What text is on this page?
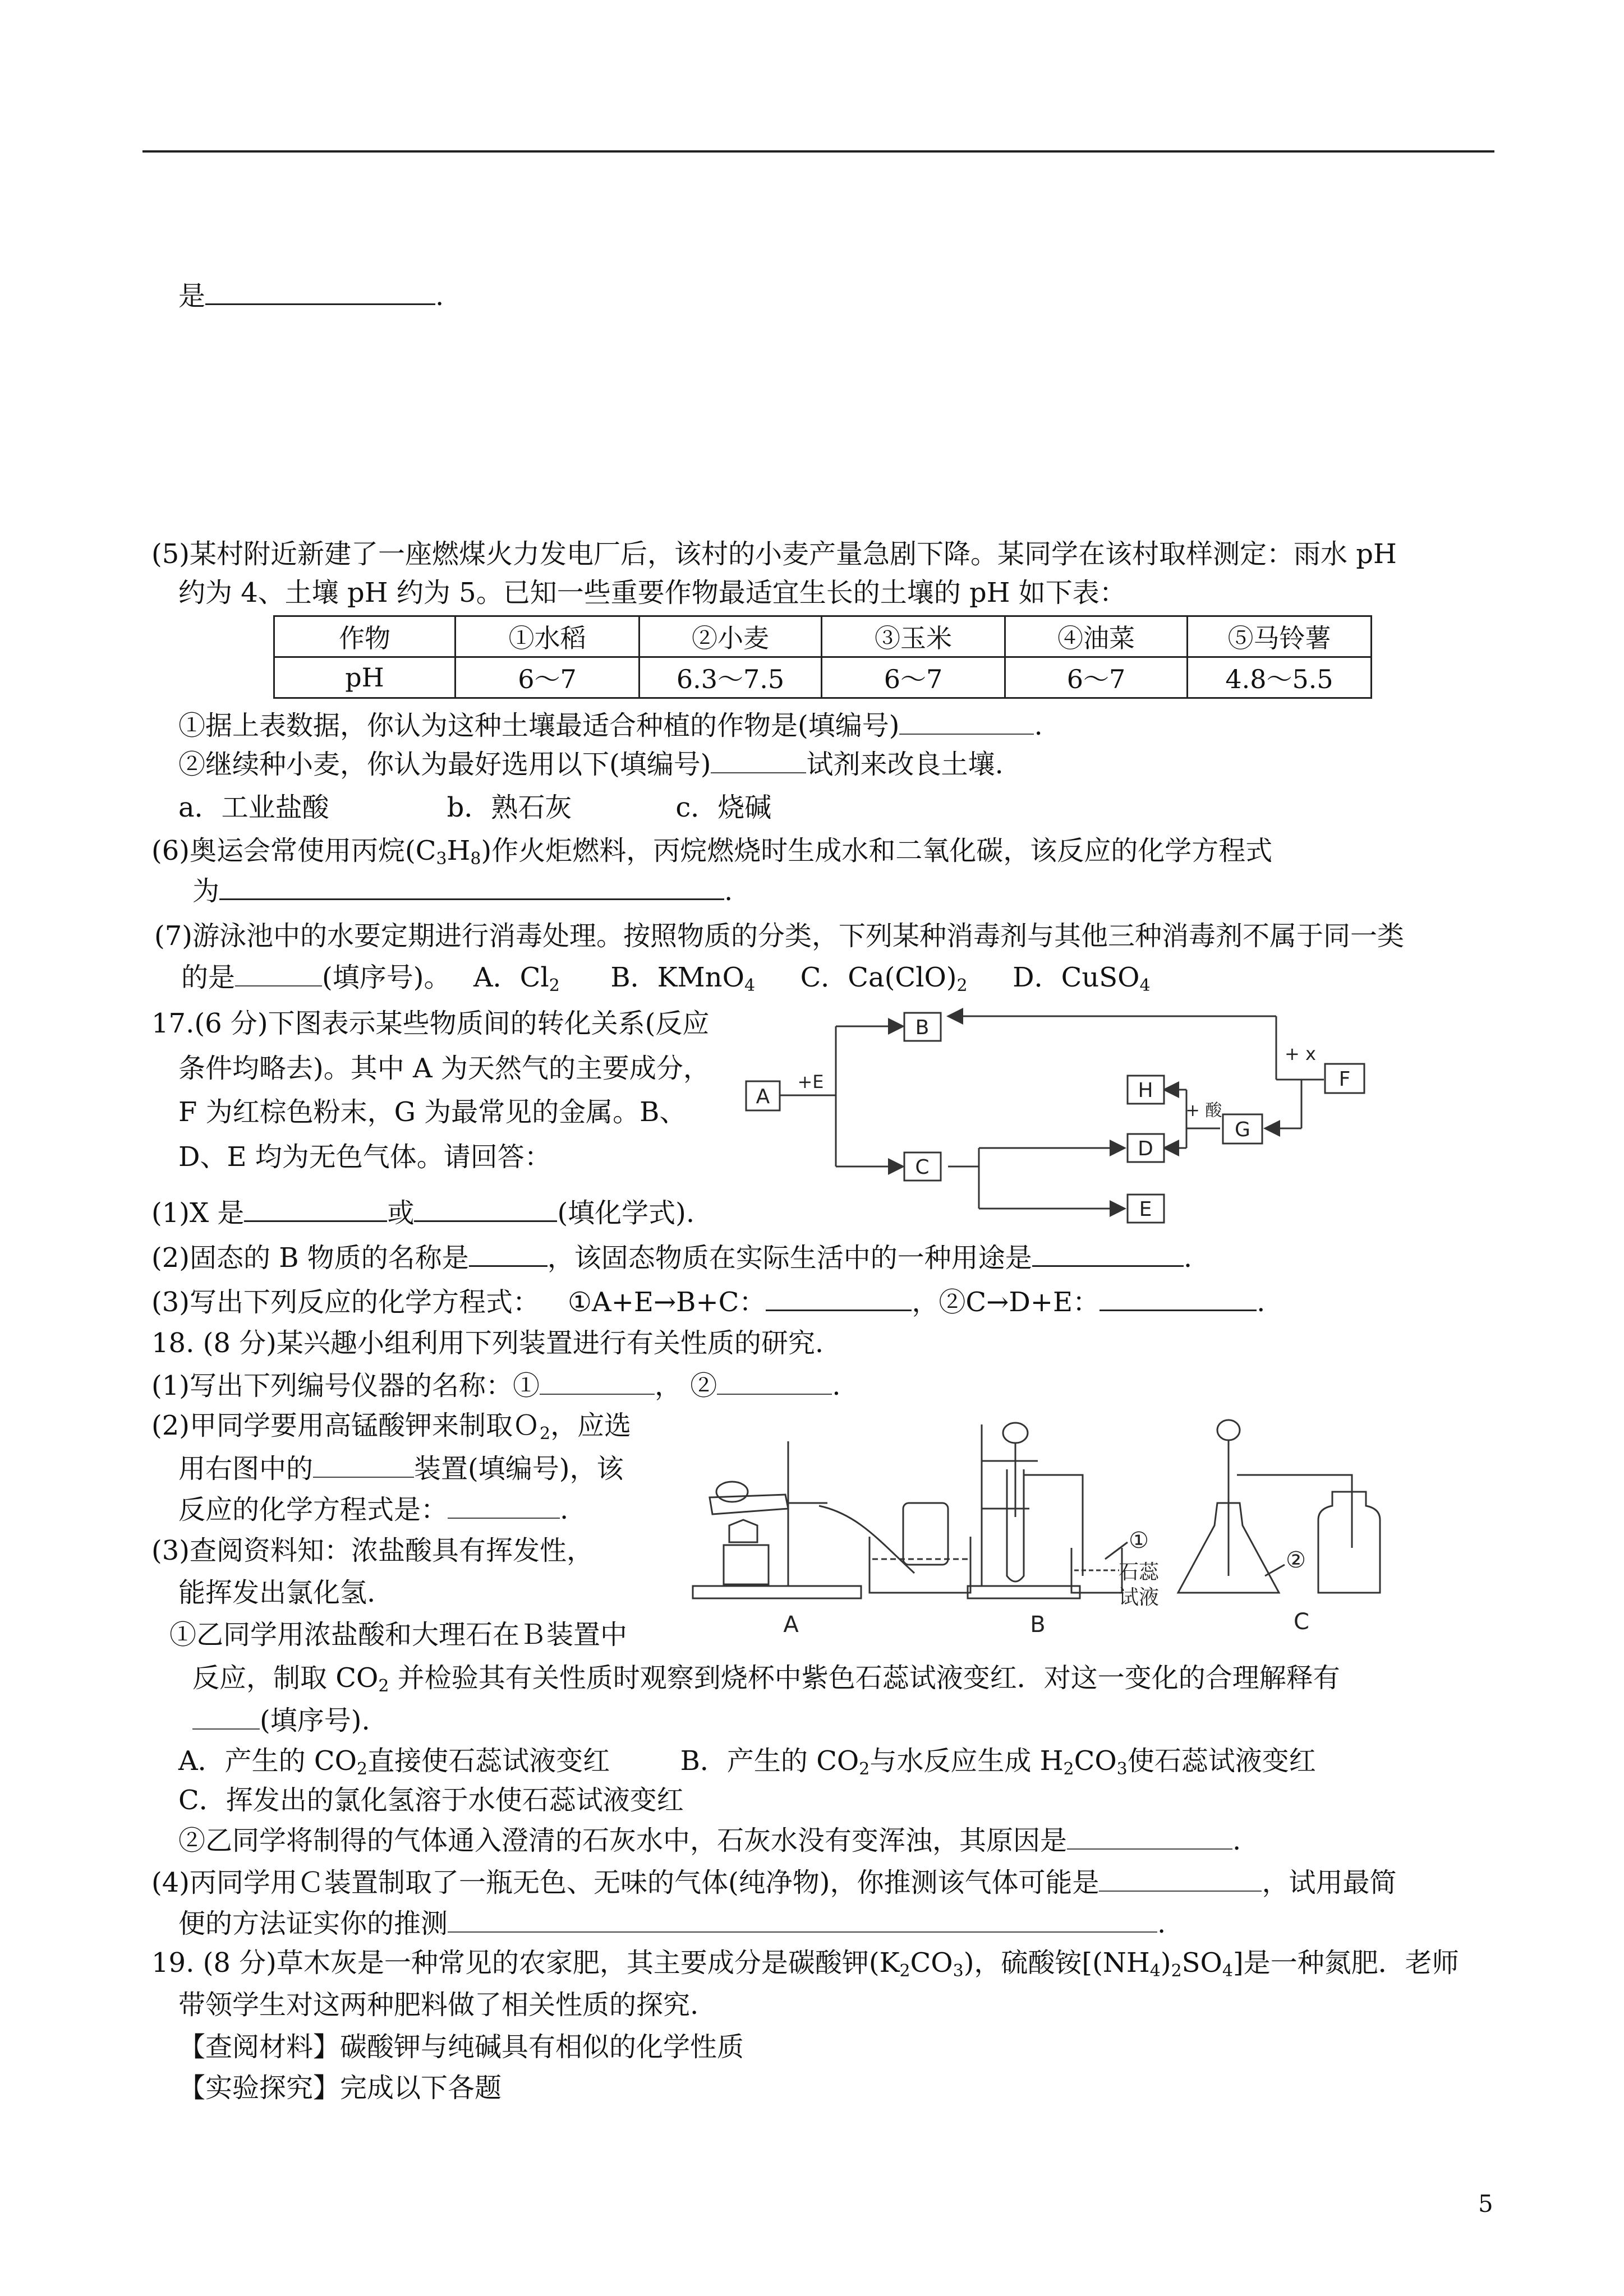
是	.
(5)某村附近新建了一座燃煤火力发电厂后，该村的小麦产量急剧下降。某同学在该村取样测定：雨水 pH
约为 4、土壤 pH 约为 5。已知一些重要作物最适宜生长的土壤的 pH 如下表：
作物	①水稻	②小麦	③玉米	④油菜	⑤马铃薯
pH	6～7	6.3～7.5	6～7	6～7	4.8～5.5
①据上表数据，你认为这种土壤最适合种植的作物是(填编号)	.
②继续种小麦，你认为最好选用以下(填编号)	试剂来改良土壤.
a．工业盐酸	b．熟石灰	c．烧碱
(6)奥运会常使用丙烷$(C_3H_8)$作火炬燃料，丙烷燃烧时生成水和二氧化碳，该反应的化学方程式
为	.
(7)游泳池中的水要定期进行消毒处理。按照物质的分类，下列某种消毒剂与其他三种消毒剂不属于同一类
的是	(填序号)。 A．$Cl_2$ B．KMnO$_4$ C．$Ca(ClO)_2$ D．CuSO$_4$
17.(6 分)下图表示某些物质间的转化关系(反应
条件均略去)。其中 A 为天然气的主要成分，
F 为红棕色粉末，G 为最常见的金属。B、
D、E 均为无色气体。请回答：
A
B
C
D
E
F
G
H
+E
+ x
+ 酸
(1)X 是	或	(填化学式).
(2)固态的 B 物质的名称是	，该固态物质在实际生活中的一种用途是	.
(3)写出下列反应的化学方程式： ①A+E→B+C：	，②C→D+E：	.
18. (8 分)某兴趣小组利用下列装置进行有关性质的研究.
(1)写出下列编号仪器的名称：①	， ②	.
(2)甲同学要用高锰酸钾来制取Ｏ$_2$，应选
用右图中的	装置(填编号)，该
反应的化学方程式是：	.
(3)查阅资料知：浓盐酸具有挥发性，
能挥发出氯化氢.
①乙同学用浓盐酸和大理石在Ｂ装置中	A	B	C
①
②
石蕊
试液
反应，制取 $CO_2$ 并检验其有关性质时观察到烧杯中紫色石蕊试液变红．对这一变化的合理解释有
(填序号).
A．产生的 $CO_2$直接使石蕊试液变红	B．产生的 $CO_2$与水反应生成 $H_2CO_3$使石蕊试液变红
C．挥发出的氯化氢溶于水使石蕊试液变红
②乙同学将制得的气体通入澄清的石灰水中，石灰水没有变浑浊，其原因是	.
(4)丙同学用Ｃ装置制取了一瓶无色、无味的气体(纯净物)，你推测该气体可能是	，试用最简
便的方法证实你的推测	.
19. (8 分)草木灰是一种常见的农家肥，其主要成分是碳酸钾$(K_2CO_3)$，硫酸铵$[(NH_4)_2SO_4]$是一种氮肥．老师
带领学生对这两种肥料做了相关性质的探究.
【查阅材料】碳酸钾与纯碱具有相似的化学性质
【实验探究】完成以下各题
5
